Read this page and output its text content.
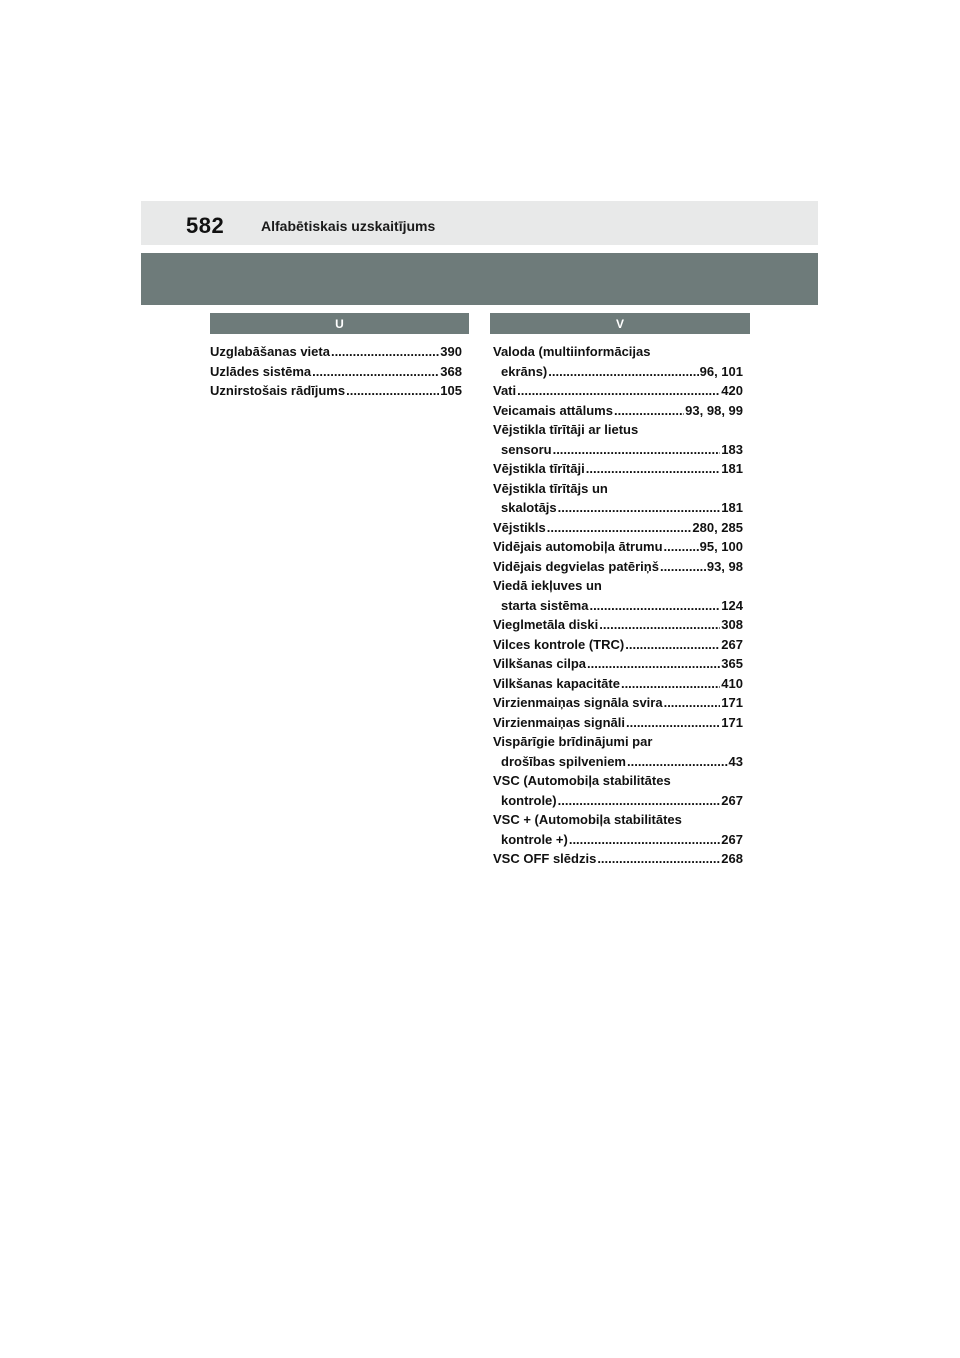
582	Alfabētiskais uzskaitījums
U	V
Uzglabāšanas vieta .....	390
Uzlādes sistēma .....	368
Uznirstošais rādījums .....	105
Valoda (multiinformācijas
ekrāns) .....	96, 101
Vati .....	420
Veicamais attālums .....	93, 98, 99
Vējstikla tīrītāji ar lietus
sensoru .....	183
Vējstikla tīrītāji .....	181
Vējstikla tīrītājs un
skalotājs .....	181
Vējstikls .....	280, 285
Vidējais automobiļa ātrumu .....	95, 100
Vidējais degvielas patēriņš .....	93, 98
Viedā iekļuves un
starta sistēma .....	124
Vieglmetāla diski .....	308
Vilces kontrole (TRC) .....	267
Vilkšanas cilpa .....	365
Vilkšanas kapacitāte .....	410
Virzienmaiņas signāla svira .....	171
Virzienmaiņas signāli .....	171
Vispārīgie brīdinājumi par
drošības spilveniem .....	43
VSC (Automobiļa stabilitātes
kontrole) .....	267
VSC + (Automobiļa stabilitātes
kontrole +) .....	267
VSC OFF slēdzis .....	268
